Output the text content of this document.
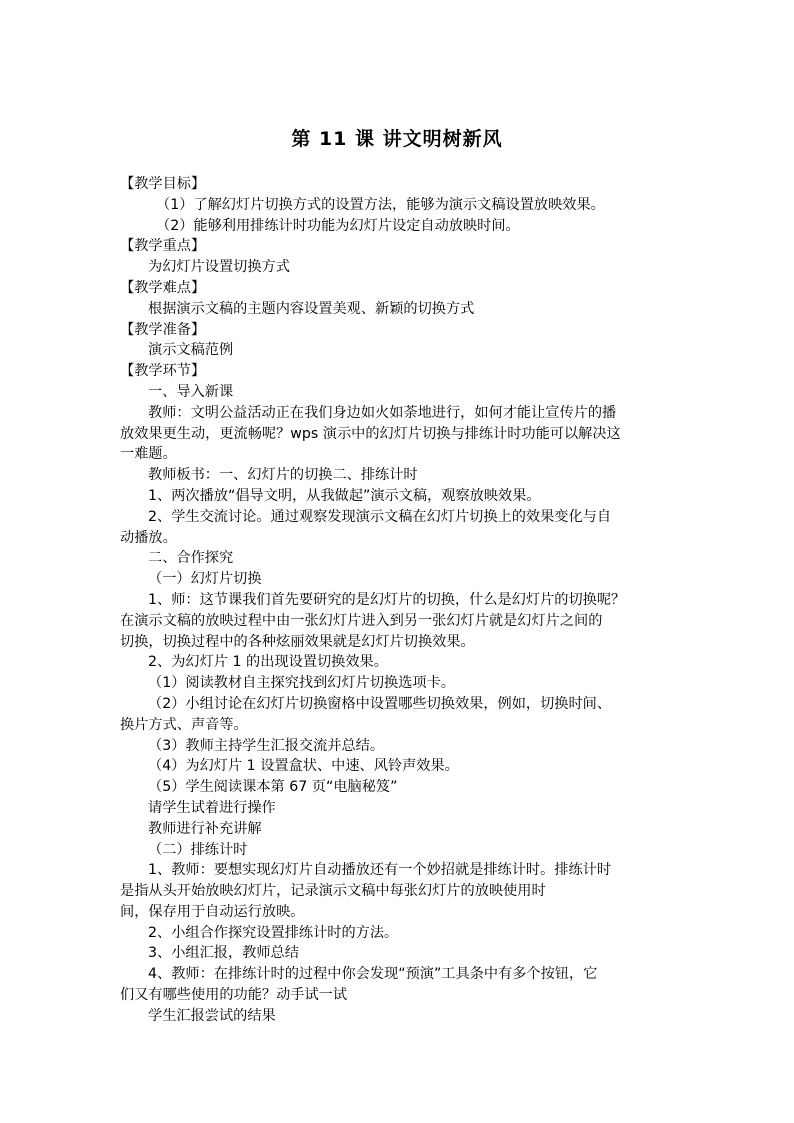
第 11 课 讲文明树新风

【教学目标】

（1）了解幻灯片切换方式的设置方法，能够为演示文稿设置放映效果。

（2）能够利用排练计时功能为幻灯片设定自动放映时间。

【教学重点】

为幻灯片设置切换方式

【教学难点】

根据演示文稿的主题内容设置美观、新颖的切换方式

【教学准备】

演示文稿范例

【教学环节】

一、导入新课

教师：文明公益活动正在我们身边如火如荼地进行，如何才能让宣传片的播

放效果更生动，更流畅呢？wps 演示中的幻灯片切换与排练计时功能可以解决这

一难题。

教师板书：一、幻灯片的切换二、排练计时

1、两次播放“倡导文明，从我做起”演示文稿，观察放映效果。

2、学生交流讨论。通过观察发现演示文稿在幻灯片切换上的效果变化与自

动播放。

二、合作探究

（一）幻灯片切换

1、师：这节课我们首先要研究的是幻灯片的切换，什么是幻灯片的切换呢？

在演示文稿的放映过程中由一张幻灯片进入到另一张幻灯片就是幻灯片之间的

切换，切换过程中的各种炫丽效果就是幻灯片切换效果。

2、为幻灯片 1 的出现设置切换效果。

（1）阅读教材自主探究找到幻灯片切换选项卡。

（2）小组讨论在幻灯片切换窗格中设置哪些切换效果，例如，切换时间、

换片方式、声音等。

（3）教师主持学生汇报交流并总结。

（4）为幻灯片 1 设置盒状、中速、风铃声效果。

（5）学生阅读课本第 67 页“电脑秘笈”

请学生试着进行操作

教师进行补充讲解

（二）排练计时

1、教师：要想实现幻灯片自动播放还有一个妙招就是排练计时。排练计时

是指从头开始放映幻灯片，记录演示文稿中每张幻灯片的放映使用时

间，保存用于自动运行放映。

2、小组合作探究设置排练计时的方法。

3、小组汇报，教师总结

4、教师：在排练计时的过程中你会发现“预演”工具条中有多个按钮，它

们又有哪些使用的功能？动手试一试

学生汇报尝试的结果
